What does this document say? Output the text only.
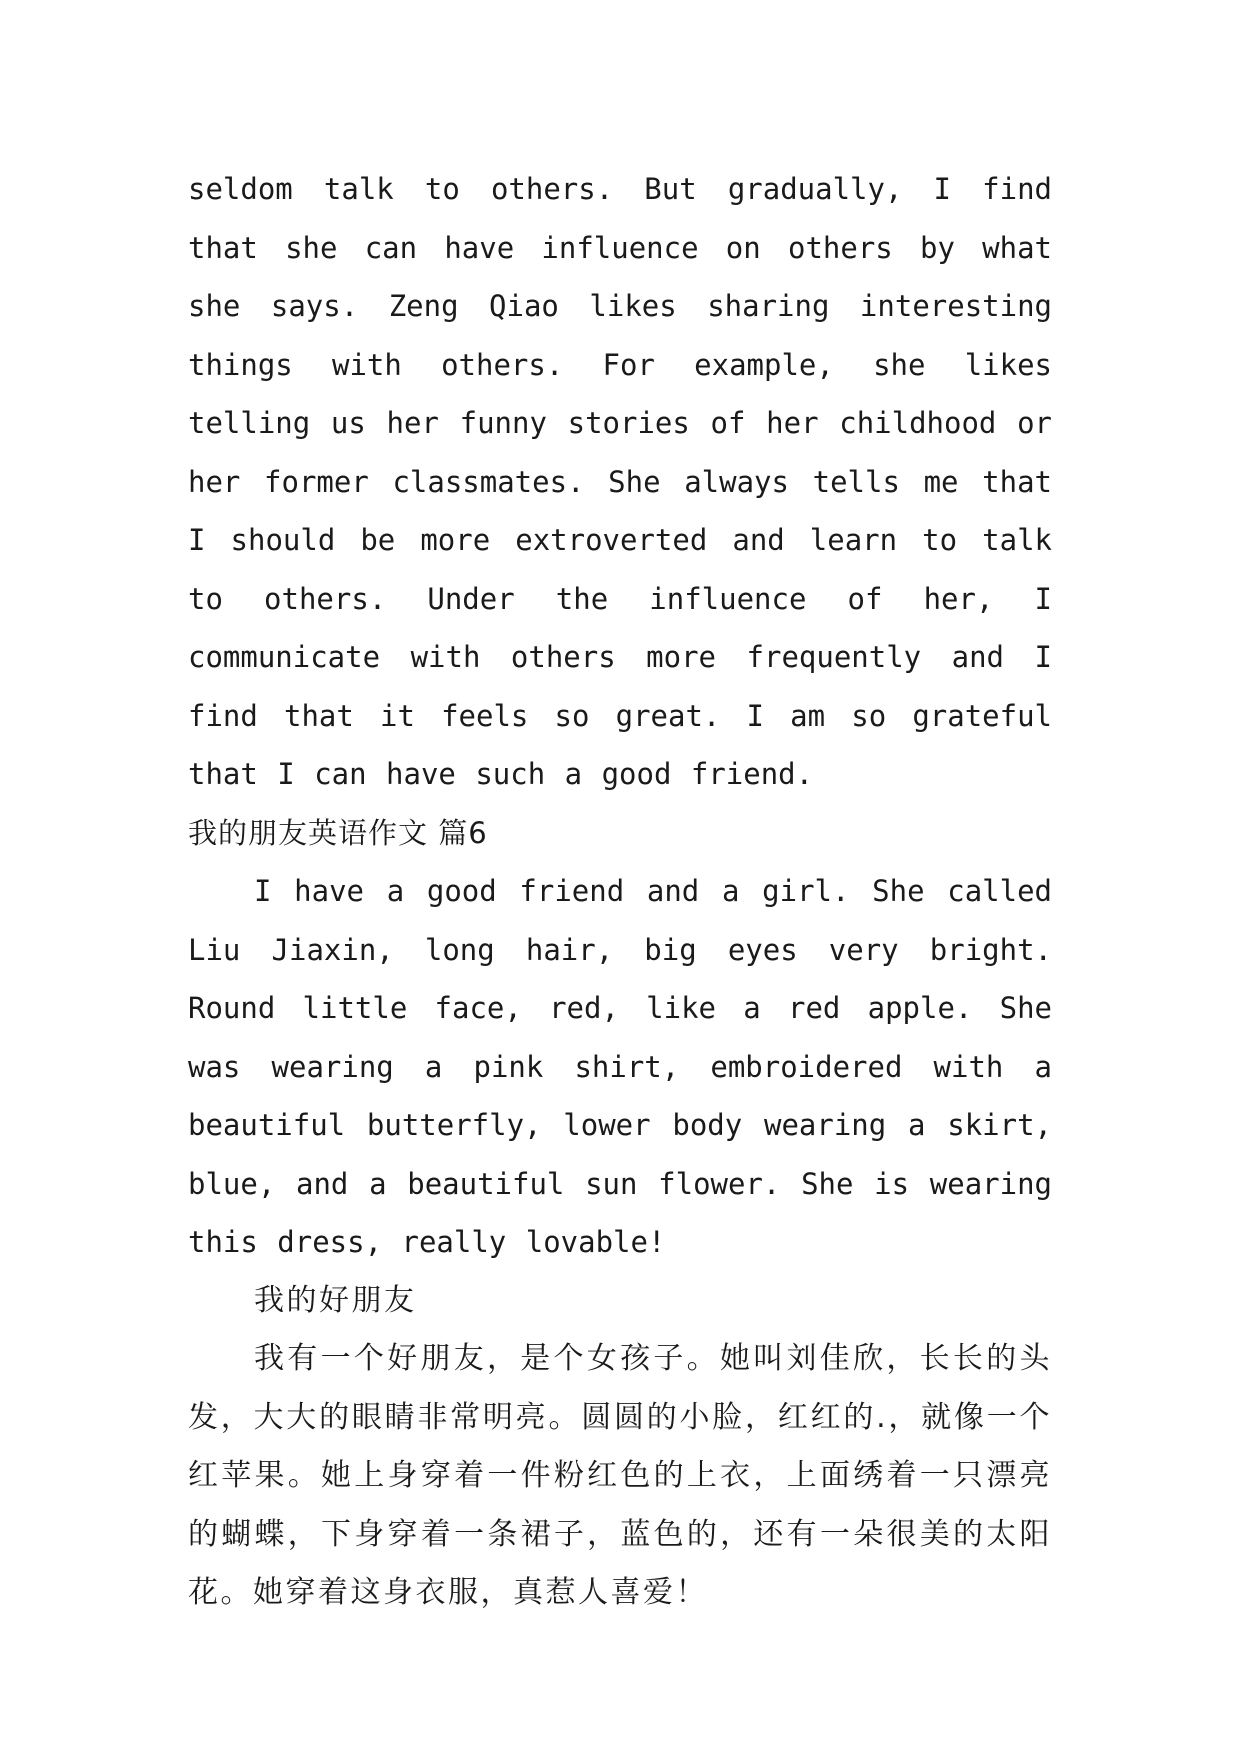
seldom talk to others. But gradually, I find that she can have influence on others by what she says. Zeng Qiao likes sharing interesting things with others. For example, she likes telling us her funny stories of her childhood or her former classmates. She always tells me that I should be more extroverted and learn to talk to others. Under the influence of her, I communicate with others more frequently and I find that it feels so great. I am so grateful that I can have such a good friend.

我的朋友英语作文 篇6

I have a good friend and a girl. She called Liu Jiaxin, long hair, big eyes very bright. Round little face, red, like a red apple. She was wearing a pink shirt, embroidered with a beautiful butterfly, lower body wearing a skirt, blue, and a beautiful sun flower. She is wearing this dress, really lovable!

我的好朋友

我有一个好朋友，是个女孩子。她叫刘佳欣，长长的头发，大大的眼睛非常明亮。圆圆的小脸，红红的.，就像一个红苹果。她上身穿着一件粉红色的上衣，上面绣着一只漂亮的蝴蝶，下身穿着一条裙子，蓝色的，还有一朵很美的太阳花。她穿着这身衣服，真惹人喜爱！
